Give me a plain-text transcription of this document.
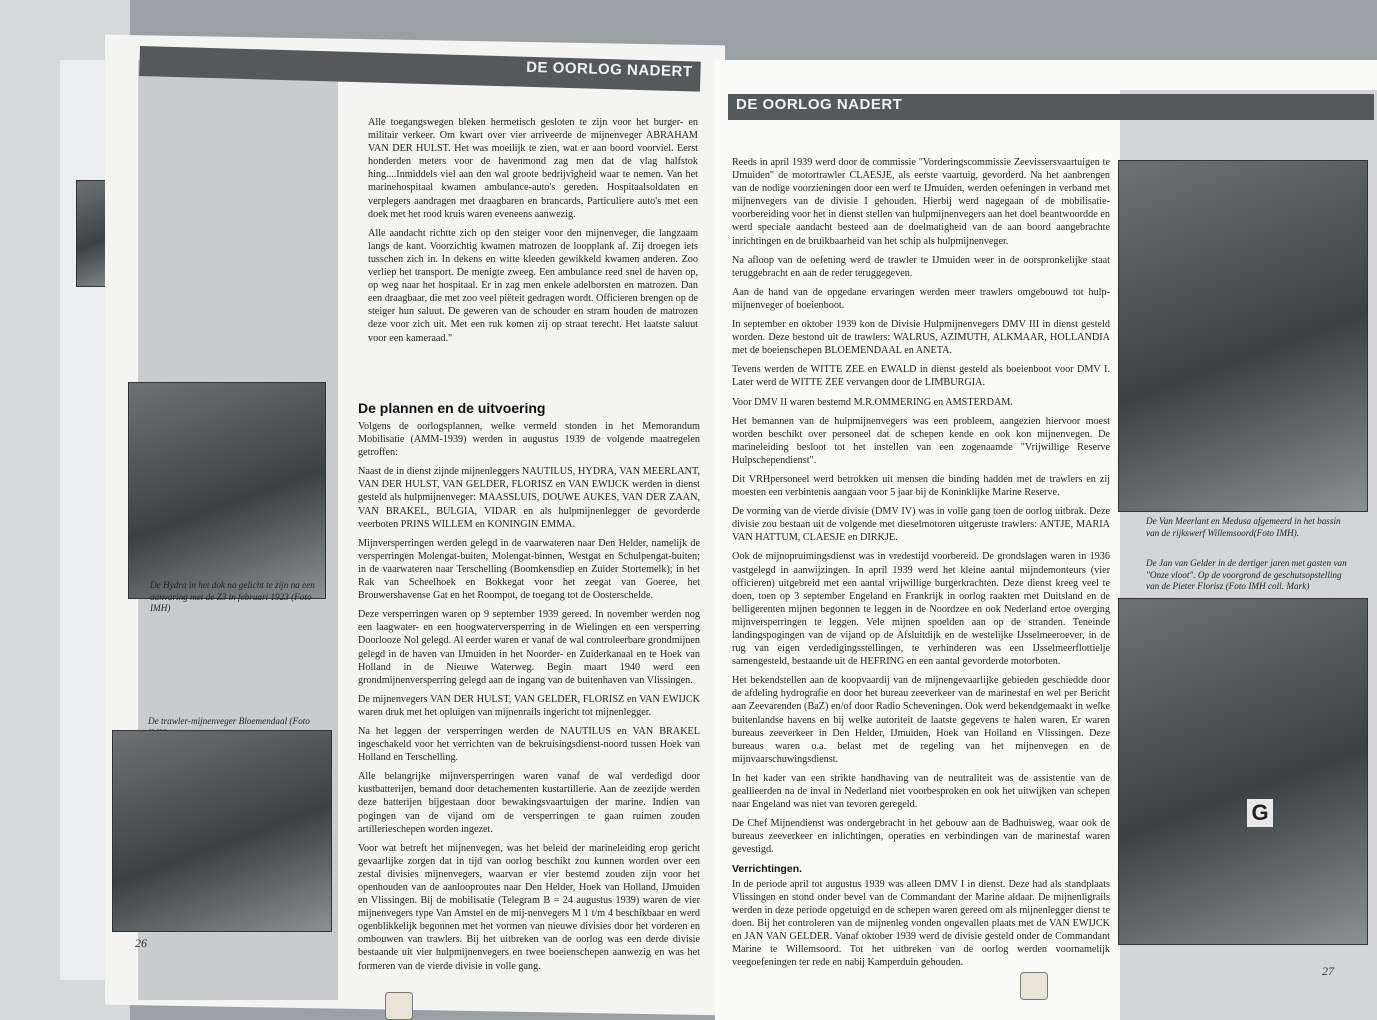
DE OORLOG NADERT
DE OORLOG NADERT

Alle toegangswegen bleken hermetisch gesloten te zijn voor het burger- en militair verkeer. Om kwart over vier arriveerde de mijnenveger ABRAHAM VAN DER HULST. Het was moeilijk te zien, wat er aan boord voorviel. Eerst honderden meters voor de havenmond zag men dat de vlag halfstok hing....Inmiddels viel aan den wal groote bedrijvigheid waar te nemen. Van het marinehospitaal kwamen ambulance-auto's gereden. Hospitaalsoldaten en verplegers aandragen met draagbaren en brancards. Particuliere auto's met een doek met het rood kruis waren eveneens aanwezig.

Alle aandacht richtte zich op den steiger voor den mijnenveger, die langzaam langs de kant. Voorzichtig kwamen matrozen de loopplank af. Zij droegen iets tusschen zich in. In dekens en witte kleeden gewikkeld kwamen anderen. Zoo verliep het transport. De menigte zweeg. Een ambulance reed snel de haven op, op weg naar het hospitaal. Er in zag men enkele adelborsten en matrozen. Dan een draagbaar, die met zoo veel piëteit gedragen wordt. Officieren brengen op de steiger hun saluut. De geweren van de schouder en stram houden de matrozen deze voor zich uit. Met een ruk komen zij op straat terecht. Het laatste saluut voor een kameraad."

De Hydra in het dok na gelicht te zijn na een aanvaring met de Z3 in februari 1923 (Foto IMH)
De trawler-mijnenveger Bloemendaal (Foto
De plannen en de uitvoering

Volgens de oorlogsplannen, welke vermeld stonden in het Memorandum Mobilisatie (AMM-1939) werden in augustus 1939 de volgende maatregelen getroffen:

Naast de in dienst zijnde mijnenleggers NAUTILUS, HYDRA, VAN MEERLANT, VAN DER HULST, VAN GELDER, FLORISZ en VAN EWIJCK werden in dienst gesteld als hulpmijnenveger: MAASSLUIS, DOUWE AUKES, VAN DER ZAAN, VAN BRAKEL, BULGIA, VIDAR en als hulpmijnenlegger de gevorderde veerboten PRINS WILLEM en KONINGIN EMMA.

Mijnversperringen werden gelegd in de vaarwateren naar Den Helder, namelijk de versperringen Molengat-buiten, Molengat-binnen, Westgat en Schulpengat-buiten; in de vaarwateren naar Terschelling (Boomkensdiep en Zuider Stortemelk); in het Rak van Scheelhoek en Bokkegat voor het zeegat van Goeree, het Brouwershavense Gat en het Roompot, de toegang tot de Oosterschelde.

Deze versperringen waren op 9 september 1939 gereed. In november werden nog een laagwater- en een hoogwaterversperring in de Wielingen en een versperring Doorlooze Nol gelegd. Al eerder waren er vanaf de wal controleerbare grondmijnen gelegd in de haven van IJmuiden in het Noorder- en Zuiderkanaal en te Hoek van Holland in de Nieuwe Waterweg. Begin maart 1940 werd een grondmijnenversperring gelegd aan de ingang van de buitenhaven van Vlissingen.

De mijnenvegers VAN DER HULST, VAN GELDER, FLORISZ en VAN EWIJCK waren druk met het opluigen van mijnenrails ingericht tot mijnenlegger.

Na het leggen der versperringen werden de NAUTILUS en VAN BRAKEL ingeschakeld voor het verrichten van de bekruisingsdienst-noord tussen Hoek van Holland en Terschelling.

Alle belangrijke mijnversperringen waren vanaf de wal verdedigd door kustbatterijen, bemand door detachementen kustartillerie. Aan de zeezijde werden deze batterijen bijgestaan door bewakingsvaartuigen der marine. Indien van pogingen van de vijand om de versperringen te gaan ruimen zouden artillerieschepen worden ingezet.

Voor wat betreft het mijnenvegen, was het beleid der marineleiding erop gericht gevaarlijke zorgen dat in tijd van oorlog beschikt zou kunnen worden over een zestal divisies mijnenvegers, waarvan er vier bestemd zouden zijn voor het openhouden van de aanlooproutes naar Den Helder, Hoek van Holland, IJmuiden en Vlissingen. Bij de mobilisatie (Telegram B = 24 augustus 1939) waren de vier mijnenvegers type Van Amstel en de mij-nenvegers M 1 t/m 4 beschikbaar en werd ogenblikkelijk begonnen met het vormen van nieuwe divisies door het vorderen en ombouwen van trawlers. Bij het uitbreken van de oorlog was een derde divisie bestaande uit vier hulpmijnenvegers en twee boeienschepen aanwezig en was het formeren van de vierde divisie in volle gang.

26

Reeds in april 1939 werd door de commissie "Vorderingscommissie Zeevissersvaartuigen te IJmuiden" de motortrawler CLAESJE, als eerste vaartuig, gevorderd. Na het aanbrengen van de nodige voorzieningen door een werf te IJmuiden, werden oefeningen in verband met mijnenvegers van de divisie I gehouden. Hierbij werd nagegaan of de mobilisatie-voorbereiding voor het in dienst stellen van hulpmijnenvegers aan het doel beantwoordde en werd speciale aandacht besteed aan de doelmatigheid van de aan boord aangebrachte inrichtingen en de bruikbaarheid van het schip als hulpmijnenveger.

Na afloop van de oefening werd de trawler te IJmuiden weer in de oorspronkelijke staat teruggebracht en aan de reder teruggegeven.

Aan de hand van de opgedane ervaringen werden meer trawlers omgebouwd tot hulp-mijnenveger of boeienboot.

In september en oktober 1939 kon de Divisie Hulpmijnenvegers DMV III in dienst gesteld worden. Deze bestond uit de trawlers: WALRUS, AZIMUTH, ALKMAAR, HOLLANDIA met de boeienschepen BLOEMENDAAL en ANETA.

Tevens werden de WITTE ZEE en EWALD in dienst gesteld als boeienboot voor DMV I. Later werd de WITTE ZEE vervangen door de LIMBURGIA.

Voor DMV II waren bestemd M.R.OMMERING en AMSTERDAM.

Het bemannen van de hulpmijnenvegers was een probleem, aangezien hiervoor moest worden beschikt over personeel dat de schepen kende en ook kon mijnenvegen. De marineleiding besloot tot het instellen van een zogenaamde "Vrijwillige Reserve Hulpschependienst".

Dit VRHpersoneel werd betrokken uit mensen die binding hadden met de trawlers en zij moesten een verbintenis aangaan voor 5 jaar bij de Koninklijke Marine Reserve.

De vorming van de vierde divisie (DMV IV) was in volle gang toen de oorlog uitbrak. Deze divisie zou bestaan uit de volgende met dieselmotoren uitgeruste trawlers: ANTJE, MARIA VAN HATTUM, CLAESJE en DIRKJE.

Ook de mijnopruimingsdienst was in vredestijd voorbereid. De grondslagen waren in 1936 vastgelegd in aanwijzingen. In april 1939 werd het kleine aantal mijndemonteurs (vier officieren) uitgebreid met een aantal vrijwillige burgerkrachten. Deze dienst kreeg veel te doen, toen op 3 september Engeland en Frankrijk in oorlog raakten met Duitsland en de belligerenten mijnen begonnen te leggen in de Noordzee en ook Nederland ertoe overging mijnversperringen te leggen. Vele mijnen spoelden aan op de stranden. Teneinde landingspogingen van de vijand op de Afsluitdijk en de westelijke IJsselmeeroever, in de rug van eigen verdedigingsstellingen, te verhinderen was een IJsselmeerflottielje samengesteld, bestaande uit de HEFRING en een aantal gevorderde motorboten.

Het bekendstellen aan de koopvaardij van de mijnengevaarlijke gebieden geschiedde door de afdeling hydrografie en door het bureau zeeverkeer van de marinestaf en wel per Bericht aan Zeevarenden (BaZ) en/of door Radio Scheveningen. Ook werd bekendgemaakt in welke buitenlandse havens en bij welke autoriteit de laatste gegevens te halen waren. Er waren bureaus zeeverkeer in Den Helder, IJmuiden, Hoek van Holland en Vlissingen. Deze bureaus waren o.a. belast met de regeling van het mijnenvegen en de mijnvaarschuwingsdienst.

In het kader van een strikte handhaving van de neutraliteit was de assistentie van de geallieerden na de inval in Nederland niet voorbesproken en ook het uitwijken van schepen naar Engeland was niet van tevoren geregeld.

De Chef Mijnendienst was ondergebracht in het gebouw aan de Badhuisweg, waar ook de bureaus zeeverkeer en inlichtingen, operaties en verbindingen van de marinestaf waren gevestigd.

Verrichtingen.

In de periode april tot augustus 1939 was alleen DMV I in dienst. Deze had als standplaats Vlissingen en stond onder bevel van de Commandant der Marine aldaar. De mijnenligrails werden in deze periode opgetuigd en de schepen waren gereed om als mijnenlegger dienst te doen. Bij het controleren van de mijnenleg vonden ongevallen plaats met de VAN EWIJCK en JAN VAN GELDER. Vanaf oktober 1939 werd de divisie gesteld onder de Commandant Marine te Willemsoord. Tot het uitbreken van de oorlog werden voornamelijk veegoefeningen ter rede en nabij Kamperduin gehouden.

De Van Meerlant en Medusa afgemeerd in het bassin van de rijkswerf Willemsoord(Foto IMH).
De Jan van Gelder in de dertiger jaren met gasten van "Onze vloot". Op de voorgrond de geschutsopstelling van de Pieter Florisz (Foto IMH coll. Mark)
G
27
